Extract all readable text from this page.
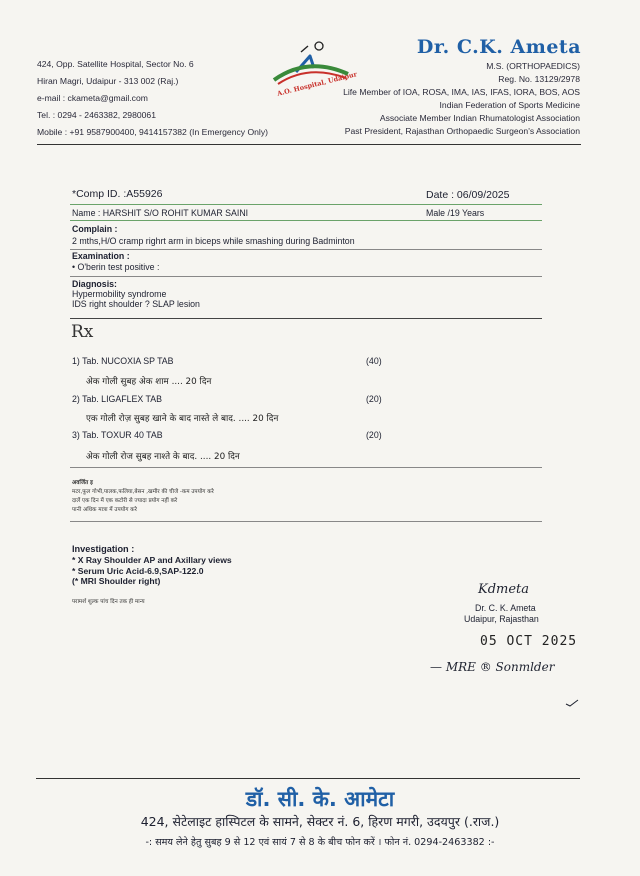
424, Opp. Satellite Hospital, Sector No. 6
Hiran Magri, Udaipur - 313 002 (Raj.)
e-mail : ckameta@gmail.com
Tel. : 0294 - 2463382, 2980061
Mobile : +91 9587900400, 9414157382 (In Emergency Only)
A.O. Hospital, Udaipur
Dr. C.K. Ameta
M.S. (ORTHOPAEDICS)
Reg. No. 13129/2978
Life Member of IOA, ROSA, IMA, IAS, IFAS, IORA, BOS, AOS
Indian Federation of Sports Medicine
Associate Member Indian Rhumatologist Association
Past President, Rajasthan Orthopaedic Surgeon's Association
*Comp ID. :A55926	Date : 06/09/2025
Name : HARSHIT S/O ROHIT KUMAR SAINI	Male /19 Years
Complain :
2 mths,H/O cramp righrt arm in biceps while smashing during Badminton
Examination :
• O'berin test positive :
Diagnosis:
Hypermobility syndrome
IDS right shoulder ? SLAP lesion
Rx
1) Tab. NUCOXIA SP TAB	(40)
अेक गोली सुबह अेक शाम .... 20 दिन
2) Tab. LIGAFLEX TAB	(20)
एक गोली रोज़ सुबह खाने के बाद नास्ते ले बाद. .... 20 दिन
3) Tab. TOXUR 40 TAB	(20)
अेक गोली रोज सुबह नाश्ते के बाद. .... 20 दिन
अवर्जित इ
मटर,फूल गोभी,पालक,फलिया,बेसन ,खमीर की चीजे -कम उपयोग करे
दालें एक दिन में एक कटोरी से ज्यादा प्रयोग नहीं करे
पानी अधिक मात्रा में उपयोग करे
Investigation :
* X Ray Shoulder AP and Axillary views
* Serum Uric Acid-6.9,SAP-122.0
(* MRI Shoulder right)
परामर्श शुल्क पांच दिन तक ही मान्य
Kdmeta
Dr. C. K. Ameta
Udaipur, Rajasthan
05 OCT 2025
— MRE ® Sonmlder
डॉ. सी. के. आमेटा
424, सेटेलाइट हास्पिटल के सामने, सेक्टर नं. 6, हिरण मगरी, उदयपुर (.राज.)
-: समय लेने हेतु सुबह 9 से 12 एवं सायं 7 से 8 के बीच फोन करें । फोन नं. 0294-2463382 :-
